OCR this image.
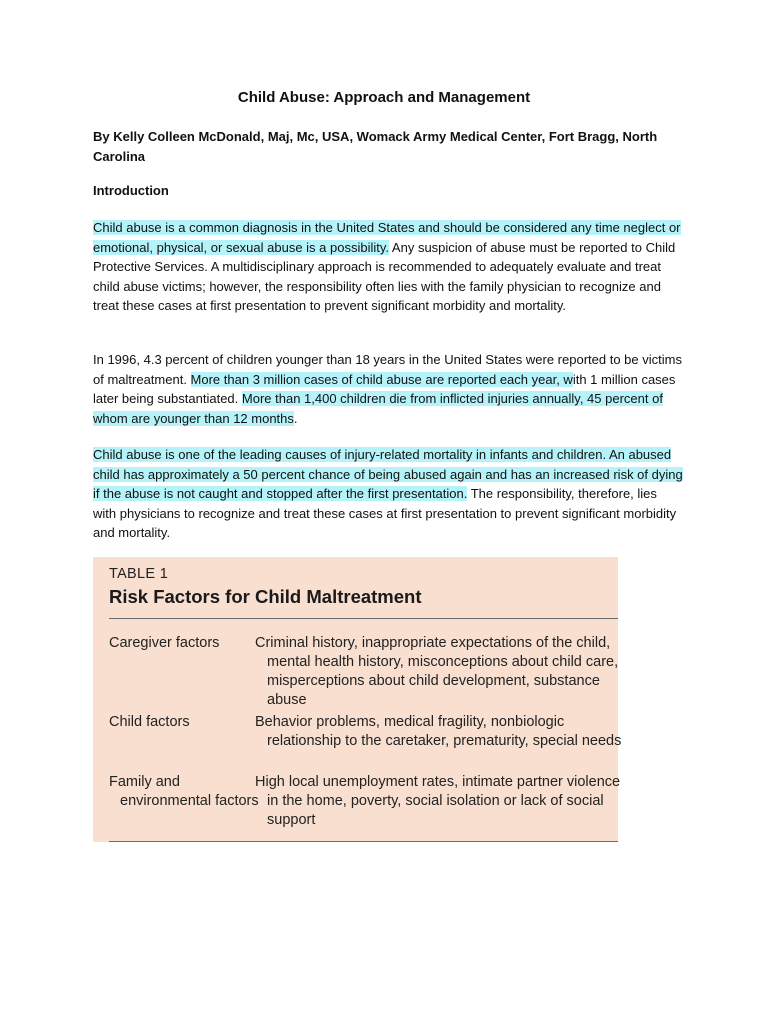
Child Abuse: Approach and Management
By Kelly Colleen McDonald, Maj, Mc, USA, Womack Army Medical Center, Fort Bragg, North Carolina
Introduction

Child abuse is a common diagnosis in the United States and should be considered any time neglect or emotional, physical, or sexual abuse is a possibility. Any suspicion of abuse must be reported to Child Protective Services. A multidisciplinary approach is recommended to adequately evaluate and treat child abuse victims; however, the responsibility often lies with the family physician to recognize and treat these cases at first presentation to prevent significant morbidity and mortality.

In 1996, 4.3 percent of children younger than 18 years in the United States were reported to be victims of maltreatment. More than 3 million cases of child abuse are reported each year, with 1 million cases later being substantiated. More than 1,400 children die from inflicted injuries annually, 45 percent of whom are younger than 12 months.

Child abuse is one of the leading causes of injury-related mortality in infants and children. An abused child has approximately a 50 percent chance of being abused again and has an increased risk of dying if the abuse is not caught and stopped after the first presentation. The responsibility, therefore, lies with physicians to recognize and treat these cases at first presentation to prevent significant morbidity and mortality.

TABLE 1
Risk Factors for Child Maltreatment
Caregiver factors	Criminal history, inappropriate expectations of the child, mental health history, misconceptions about child care, misperceptions about child development, substance abuse
Child factors	Behavior problems, medical fragility, nonbiologic relationship to the caretaker, prematurity, special needs
Family and environmental factors
High local unemployment rates, intimate partner violence in the home, poverty, social isolation or lack of social support
